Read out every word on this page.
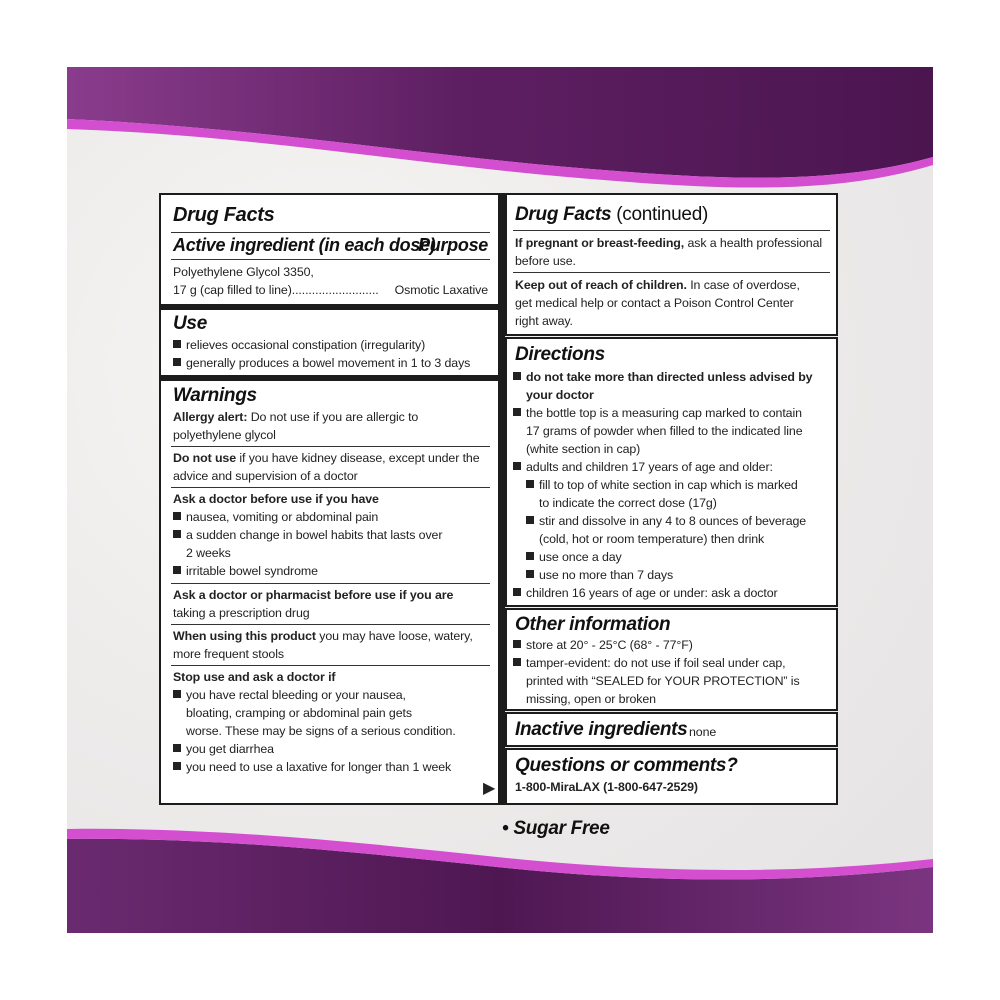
Drug Facts
Active ingredient (in each dose)
Purpose
Polyethylene Glycol 3350,
17 g (cap filled to line).......................... Osmotic Laxative
Use
relieves occasional constipation (irregularity)
generally produces a bowel movement in 1 to 3 days
Warnings
Allergy alert: Do not use if you are allergic to
polyethylene glycol
Do not use if you have kidney disease, except under the
advice and supervision of a doctor
Ask a doctor before use if you have
nausea, vomiting or abdominal pain
a sudden change in bowel habits that lasts over
2 weeks
irritable bowel syndrome
Ask a doctor or pharmacist before use if you are
taking a prescription drug
When using this product you may have loose, watery,
more frequent stools
Stop use and ask a doctor if
you have rectal bleeding or your nausea,
bloating, cramping or abdominal pain gets
worse. These may be signs of a serious condition.
you get diarrhea
you need to use a laxative for longer than 1 week
▶
Drug Facts (continued)
If pregnant or breast-feeding, ask a health professional
before use.
Keep out of reach of children. In case of overdose,
get medical help or contact a Poison Control Center
right away.
Directions
do not take more than directed unless advised by
your doctor
the bottle top is a measuring cap marked to contain
17 grams of powder when filled to the indicated line
(white section in cap)
adults and children 17 years of age and older:
fill to top of white section in cap which is marked
to indicate the correct dose (17g)
stir and dissolve in any 4 to 8 ounces of beverage
(cold, hot or room temperature) then drink
use once a day
use no more than 7 days
children 16 years of age or under: ask a doctor
Other information
store at 20° - 25°C (68° - 77°F)
tamper-evident: do not use if foil seal under cap,
printed with “SEALED for YOUR PROTECTION” is
missing, open or broken
Inactive ingredients none
Questions or comments?
1-800-MiraLAX (1-800-647-2529)
• Sugar Free
